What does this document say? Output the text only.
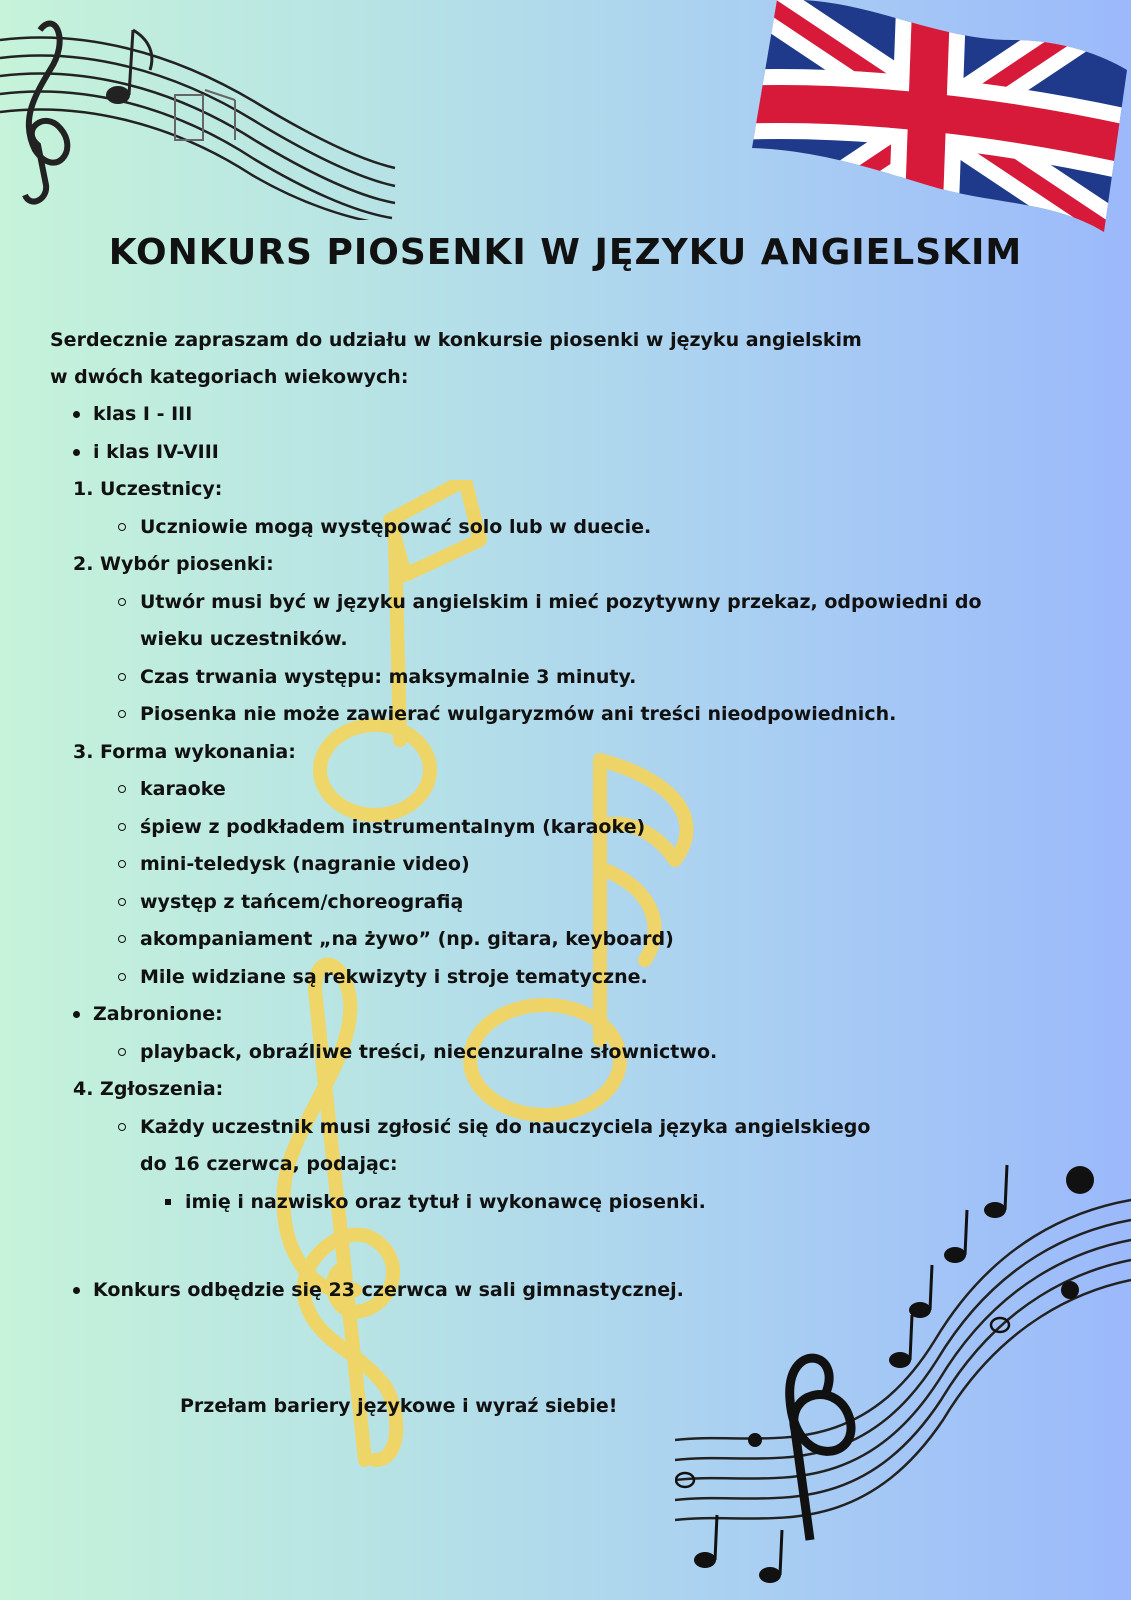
KONKURS PIOSENKI W JĘZYKU ANGIELSKIM
Serdecznie zapraszam do udziału w konkursie piosenki w języku angielskim
w dwóch kategoriach wiekowych:
klas I - III
i klas IV-VIII
1. Uczestnicy:
Uczniowie mogą występować solo lub w duecie.
2. Wybór piosenki:
Utwór musi być w języku angielskim i mieć pozytywny przekaz, odpowiedni do
wieku uczestników.
Czas trwania występu: maksymalnie 3 minuty.
Piosenka nie może zawierać wulgaryzmów ani treści nieodpowiednich.
3. Forma wykonania:
karaoke
śpiew z podkładem instrumentalnym (karaoke)
mini-teledysk (nagranie video)
występ z tańcem/choreografią
akompaniament „na żywo” (np. gitara, keyboard)
Mile widziane są rekwizyty i stroje tematyczne.
Zabronione:
playback, obraźliwe treści, niecenzuralne słownictwo.
4. Zgłoszenia:
Każdy uczestnik musi zgłosić się do nauczyciela języka angielskiego
do 16 czerwca, podając:
imię i nazwisko oraz tytuł i wykonawcę piosenki.
Konkurs odbędzie się 23 czerwca w sali gimnastycznej.
Przełam bariery językowe i wyraź siebie!
